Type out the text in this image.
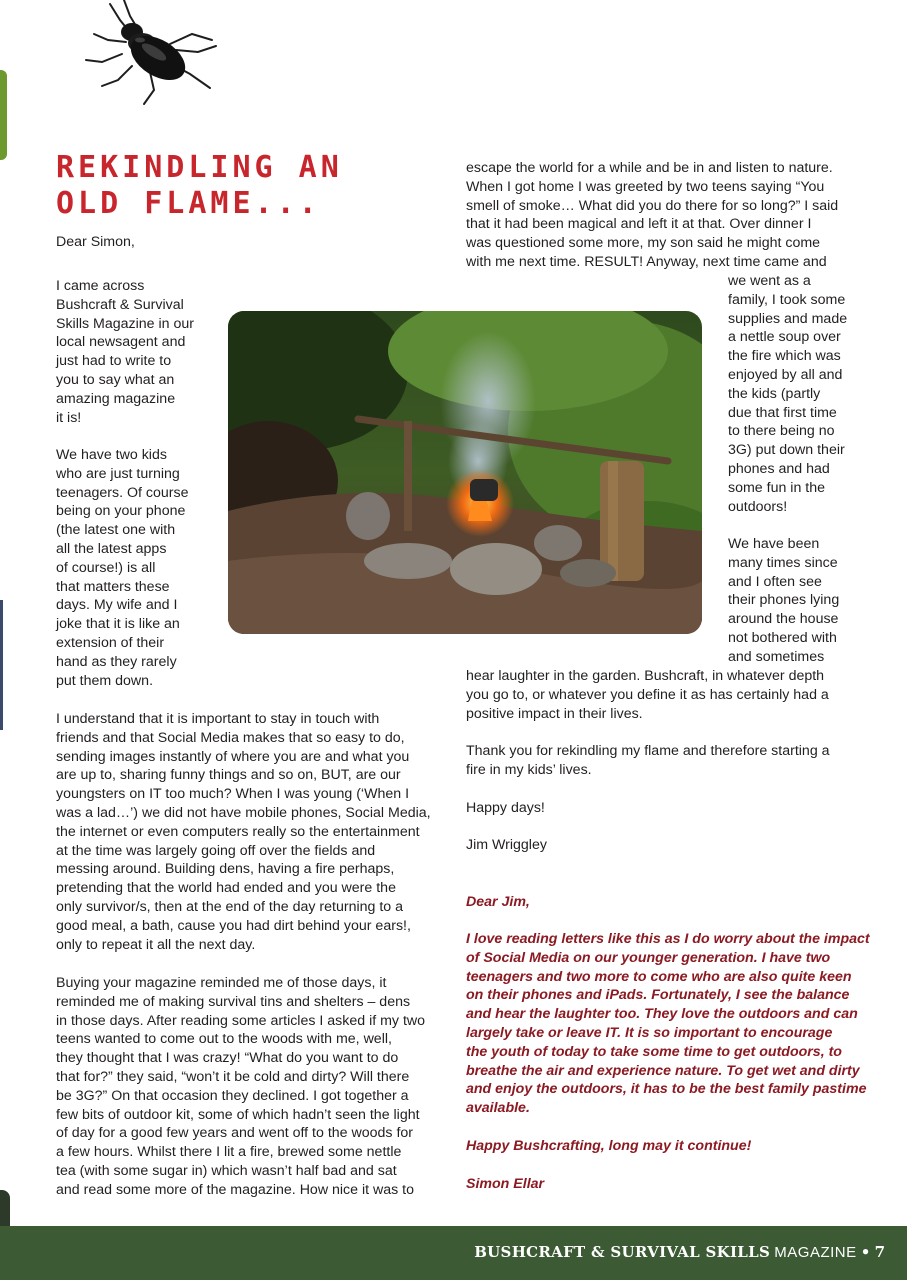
REKINDLING AN OLD FLAME...

Dear Simon,

I came across
Bushcraft & Survival
Skills Magazine in our
local newsagent and
just had to write to
you to say what an
amazing magazine
it is!
We have two kids
who are just turning
teenagers. Of course
being on your phone
(the latest one with
all the latest apps
of course!) is all
that matters these
days. My wife and I
joke that it is like an
extension of their
hand as they rarely
put them down.
I understand that it is important to stay in touch with
friends and that Social Media makes that so easy to do,
sending images instantly of where you are and what you
are up to, sharing funny things and so on, BUT, are our
youngsters on IT too much? When I was young (‘When I
was a lad…’) we did not have mobile phones, Social Media,
the internet or even computers really so the entertainment
at the time was largely going off over the fields and
messing around. Building dens, having a fire perhaps,
pretending that the world had ended and you were the
only survivor/s, then at the end of the day returning to a
good meal, a bath, cause you had dirt behind your ears!,
only to repeat it all the next day.
Buying your magazine reminded me of those days, it
reminded me of making survival tins and shelters – dens
in those days. After reading some articles I asked if my two
teens wanted to come out to the woods with me, well,
they thought that I was crazy! “What do you want to do
that for?” they said, “won’t it be cold and dirty? Will there
be 3G?” On that occasion they declined. I got together a
few bits of outdoor kit, some of which hadn’t seen the light
of day for a good few years and went off to the woods for
a few hours. Whilst there I lit a fire, brewed some nettle
tea (with some sugar in) which wasn’t half bad and sat
and read some more of the magazine. How nice it was to
escape the world for a while and be in and listen to nature.
When I got home I was greeted by two teens saying “You
smell of smoke… What did you do there for so long?” I said
that it had been magical and left it at that. Over dinner I
was questioned some more, my son said he might come
with me next time. RESULT! Anyway, next time came and
we went as a
family, I took some
supplies and made
a nettle soup over
the fire which was
enjoyed by all and
the kids (partly
due that first time
to there being no
3G) put down their
phones and had
some fun in the
outdoors!
We have been
many times since
and I often see
their phones lying
around the house
not bothered with
and sometimes
hear laughter in the garden. Bushcraft, in whatever depth
you go to, or whatever you define it as has certainly had a
positive impact in their lives.
Thank you for rekindling my flame and therefore starting a
fire in my kids’ lives.

Happy days!

Jim Wriggley

Dear Jim,

I love reading letters like this as I do worry about the impact
of Social Media on our younger generation. I have two
teenagers and two more to come who are also quite keen
on their phones and iPads. Fortunately, I see the balance
and hear the laughter too. They love the outdoors and can
largely take or leave IT. It is so important to encourage
the youth of today to take some time to get outdoors, to
breathe the air and experience nature. To get wet and dirty
and enjoy the outdoors, it has to be the best family pastime
available.

Happy Bushcrafting, long may it continue!

Simon Ellar

BUSHCRAFT & SURVIVAL SKILLS MAGAZINE • 7
